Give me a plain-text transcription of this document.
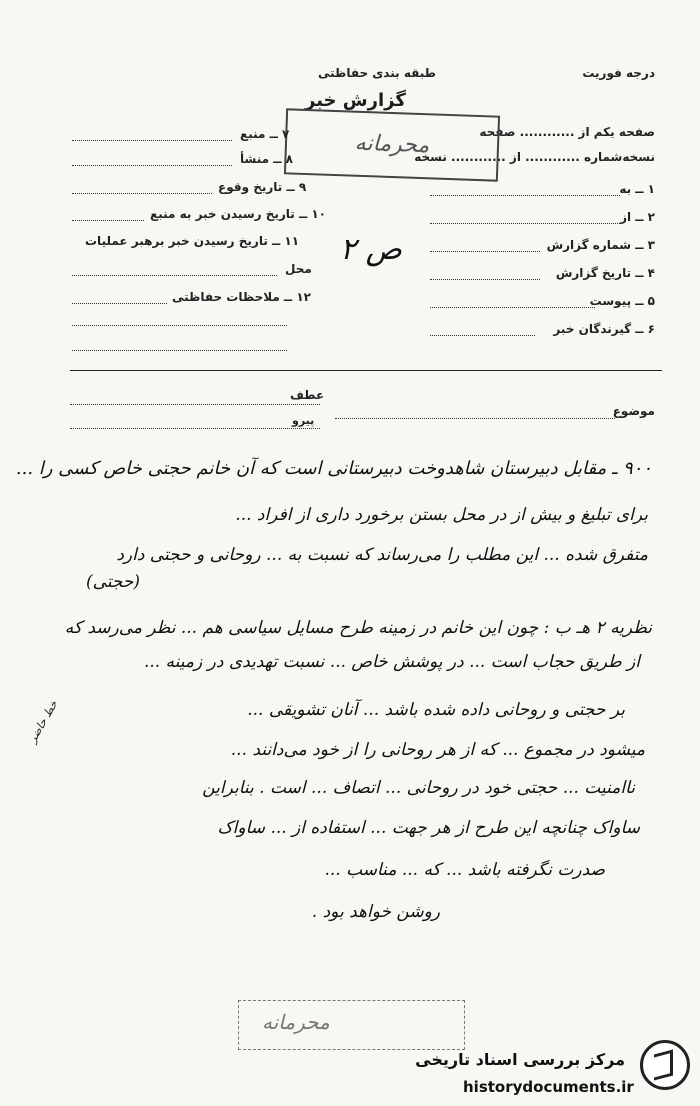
درجه فوریت
طبقه بندی حفاظتی
گزارش خبر
صفحه یکم از ............ صفحه
نسخه‌شماره ............ از ............ نسخه
محرمانه
۷ ــ منبع
۸ ــ منشأ
۹ ــ تاریخ وقوع
۱۰ ــ تاریخ رسیدن خبر به منبع
۱۱ ــ تاریخ رسیدن خبر برهبر عملیات
محل
۱۲ ــ ملاحظات حفاظتی
ص ۲
۱ ــ به
۲ ــ از
۳ ــ شماره گزارش
۴ ــ تاریخ گزارش
۵ ــ پیوست
۶ ــ گیرندگان خبر
عطف
موضوع
پیرو
۹۰۰ ـ مقابل دبیرستان شاهدوخت دبیرستانی است که آن خانم حجتی خاص کسی را ...
برای تبلیغ و بیش از در محل بستن برخورد داری از افراد ...
متفرق شده ... این مطلب را می‌رساند که نسبت به ... روحانی و حجتی دارد
(حجتی)
نظریه ۲ هـ ب : چون این خانم در زمینه طرح مسایل سیاسی هم ... نظر می‌رسد که
از طریق حجاب است ... در پوشش خاص ... نسبت تهدیدی در زمینه ...
بر حجتی و روحانی داده شده باشد ... آنان تشویقی ...
میشود در مجموع ... که از هر روحانی را از خود می‌دانند ...
ناامنیت ... حجتی خود در روحانی ... اتصاف ... است . بنابراین
ساواک چنانچه این طرح از هر جهت ... استفاده از ... ساواک
صدرت نگرفته باشد ... که ... مناسب ...
روشن خواهد بود .
خط حاضر
محرمانه
مرکز بررسی اسناد تاریخی
historydocuments.ir
